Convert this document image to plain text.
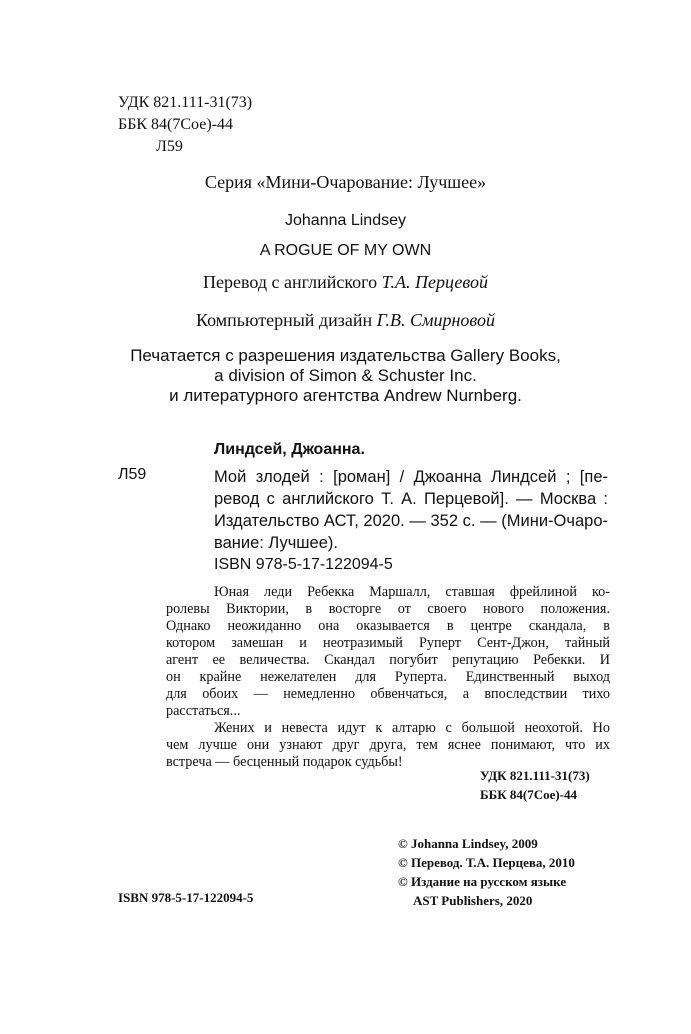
УДК 821.111-31(73)
ББК 84(7Сое)-44
Л59
Серия «Мини-Очарование: Лучшее»
Johanna Lindsey
A ROGUE OF MY OWN
Перевод с английского Т.А. Перцевой
Компьютерный дизайн Г.В. Смирновой
Печатается с разрешения издательства Gallery Books,
a division of Simon & Schuster Inc.
и литературного агентства Andrew Nurnberg.
Линдсей, Джоанна.
Л59	Мой злодей : [роман] / Джоанна Линдсей ; [пе-
ревод с английского Т. А. Перцевой]. — Москва :
Издательство АСТ, 2020. — 352 с. — (Мини-Очаро-
вание: Лучшее).
ISBN 978-5-17-122094-5
Юная леди Ребекка Маршалл, ставшая фрейлиной ко-
ролевы Виктории, в восторге от своего нового положения.
Однако неожиданно она оказывается в центре скандала, в
котором замешан и неотразимый Руперт Сент-Джон, тайный
агент ее величества. Скандал погубит репутацию Ребекки. И
он крайне нежелателен для Руперта. Единственный выход
для обоих — немедленно обвенчаться, а впоследствии тихо
расстаться...
Жених и невеста идут к алтарю с большой неохотой. Но
чем лучше они узнают друг друга, тем яснее понимают, что их
встреча — бесценный подарок судьбы!
УДК 821.111-31(73)
ББК 84(7Сое)-44
© Johanna Lindsey, 2009
© Перевод. Т.А. Перцева, 2010
© Издание на русском языке
AST Publishers, 2020
ISBN 978-5-17-122094-5
